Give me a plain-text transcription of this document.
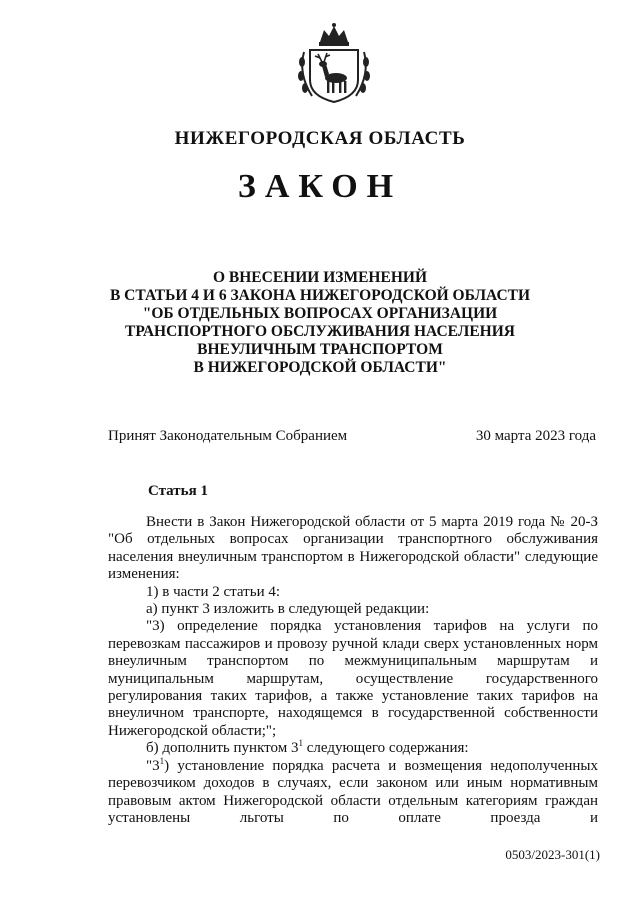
НИЖЕГОРОДСКАЯ ОБЛАСТЬ
ЗАКОН
О ВНЕСЕНИИ ИЗМЕНЕНИЙ
В СТАТЬИ 4 И 6 ЗАКОНА НИЖЕГОРОДСКОЙ ОБЛАСТИ
"ОБ ОТДЕЛЬНЫХ ВОПРОСАХ ОРГАНИЗАЦИИ
ТРАНСПОРТНОГО ОБСЛУЖИВАНИЯ НАСЕЛЕНИЯ
ВНЕУЛИЧНЫМ ТРАНСПОРТОМ
В НИЖЕГОРОДСКОЙ ОБЛАСТИ"
Принят Законодательным Собранием	30 марта 2023 года
Статья 1

Внести в Закон Нижегородской области от 5 марта 2019 года № 20-З "Об отдельных вопросах организации транспортного обслуживания населения внеуличным транспортом в Нижегородской области" следующие изменения:

1) в части 2 статьи 4:

а) пункт 3 изложить в следующей редакции:

"3) определение порядка установления тарифов на услуги по перевозкам пассажиров и провозу ручной клади сверх установленных норм внеуличным транспортом по межмуниципальным маршрутам и муниципальным маршрутам, осуществление государственного регулирования таких тарифов, а также установление таких тарифов на внеуличном транспорте, находящемся в государственной собственности Нижегородской области;";

б) дополнить пунктом $3^1$ следующего содержания:

"$3^1$) установление порядка расчета и возмещения недополученных перевозчиком доходов в случаях, если законом или иным нормативным правовым актом Нижегородской области отдельным категориям граждан установлены льготы по оплате проезда и

0503/2023-301(1)
